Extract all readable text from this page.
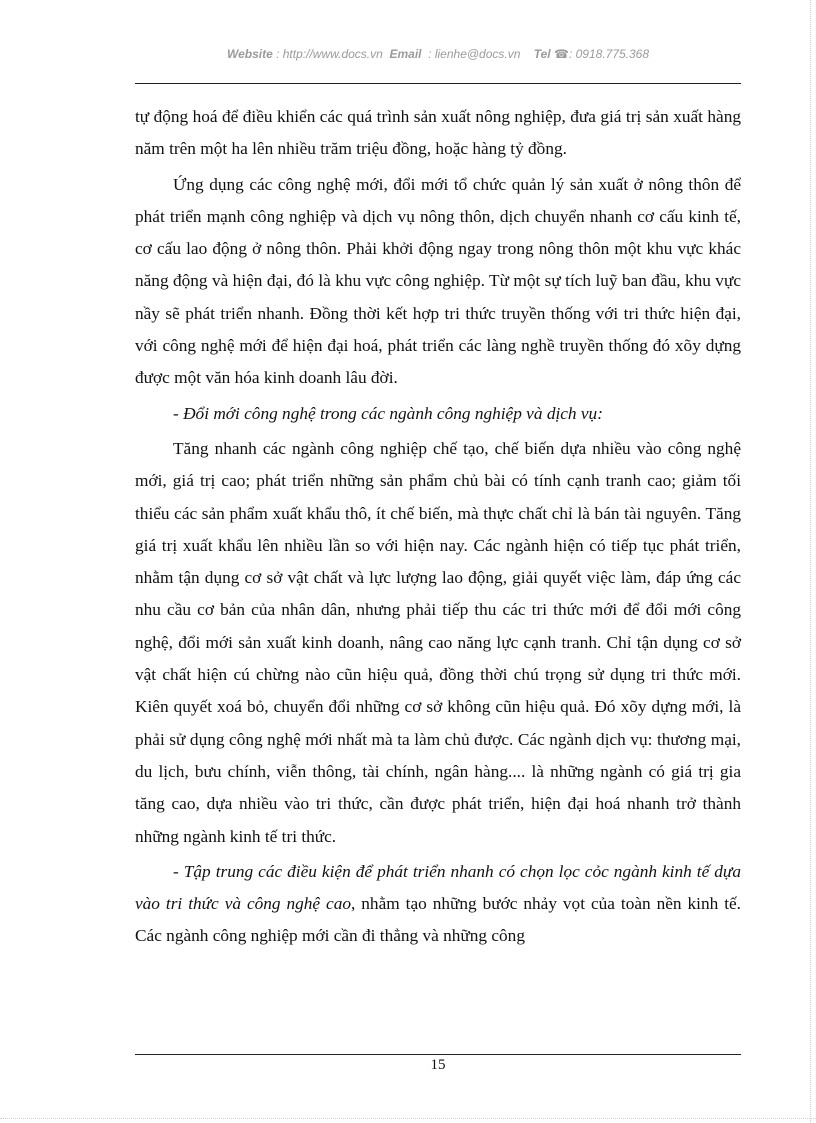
Website : http://www.docs.vn Email : lienhe@docs.vn Tel ☎: 0918.775.368

tự động hoá để điều khiển các quá trình sản xuất nông nghiệp, đưa giá trị sản xuất hàng năm trên một ha lên nhiều trăm triệu đồng, hoặc hàng tỷ đồng.

Ứng dụng các công nghệ mới, đổi mới tổ chức quản lý sản xuất ở nông thôn để phát triển mạnh công nghiệp và dịch vụ nông thôn, dịch chuyển nhanh cơ cấu kinh tế, cơ cấu lao động ở nông thôn. Phải khởi động ngay trong nông thôn một khu vực khác năng động và hiện đại, đó là khu vực công nghiệp. Từ một sự tích luỹ ban đầu, khu vực nầy sẽ phát triển nhanh. Đồng thời kết hợp tri thức truyền thống với tri thức hiện đại, với công nghệ mới để hiện đại hoá, phát triển các làng nghề truyền thống đó xõy dựng được một văn hóa kinh doanh lâu đời.

- Đổi mới công nghệ trong các ngành công nghiệp và dịch vụ:

Tăng nhanh các ngành công nghiệp chế tạo, chế biến dựa nhiều vào công nghệ mới, giá trị cao; phát triển những sản phẩm chủ bài có tính cạnh tranh cao; giảm tối thiểu các sản phẩm xuất khẩu thô, ít chế biến, mà thực chất chỉ là bán tài nguyên. Tăng giá trị xuất khẩu lên nhiều lần so với hiện nay. Các ngành hiện có tiếp tục phát triển, nhằm tận dụng cơ sở vật chất và lực lượng lao động, giải quyết việc làm, đáp ứng các nhu cầu cơ bản của nhân dân, nhưng phải tiếp thu các tri thức mới để đổi mới công nghệ, đổi mới sản xuất kinh doanh, nâng cao năng lực cạnh tranh. Chỉ tận dụng cơ sở vật chất hiện cú chừng nào cũn hiệu quả, đồng thời chú trọng sử dụng tri thức mới. Kiên quyết xoá bỏ, chuyển đổi những cơ sở không cũn hiệu quả. Đó xõy dựng mới, là phải sử dụng công nghệ mới nhất mà ta làm chủ được. Các ngành dịch vụ: thương mại, du lịch, bưu chính, viễn thông, tài chính, ngân hàng.... là những ngành có giá trị gia tăng cao, dựa nhiều vào tri thức, cần được phát triển, hiện đại hoá nhanh trở thành những ngành kinh tế tri thức.

- Tập trung các điều kiện để phát triển nhanh có chọn lọc cỏc ngành kinh tế dựa vào tri thức và công nghệ cao, nhằm tạo những bước nhảy vọt của toàn nền kinh tế. Các ngành công nghiệp mới cần đi thẳng và những công

15
